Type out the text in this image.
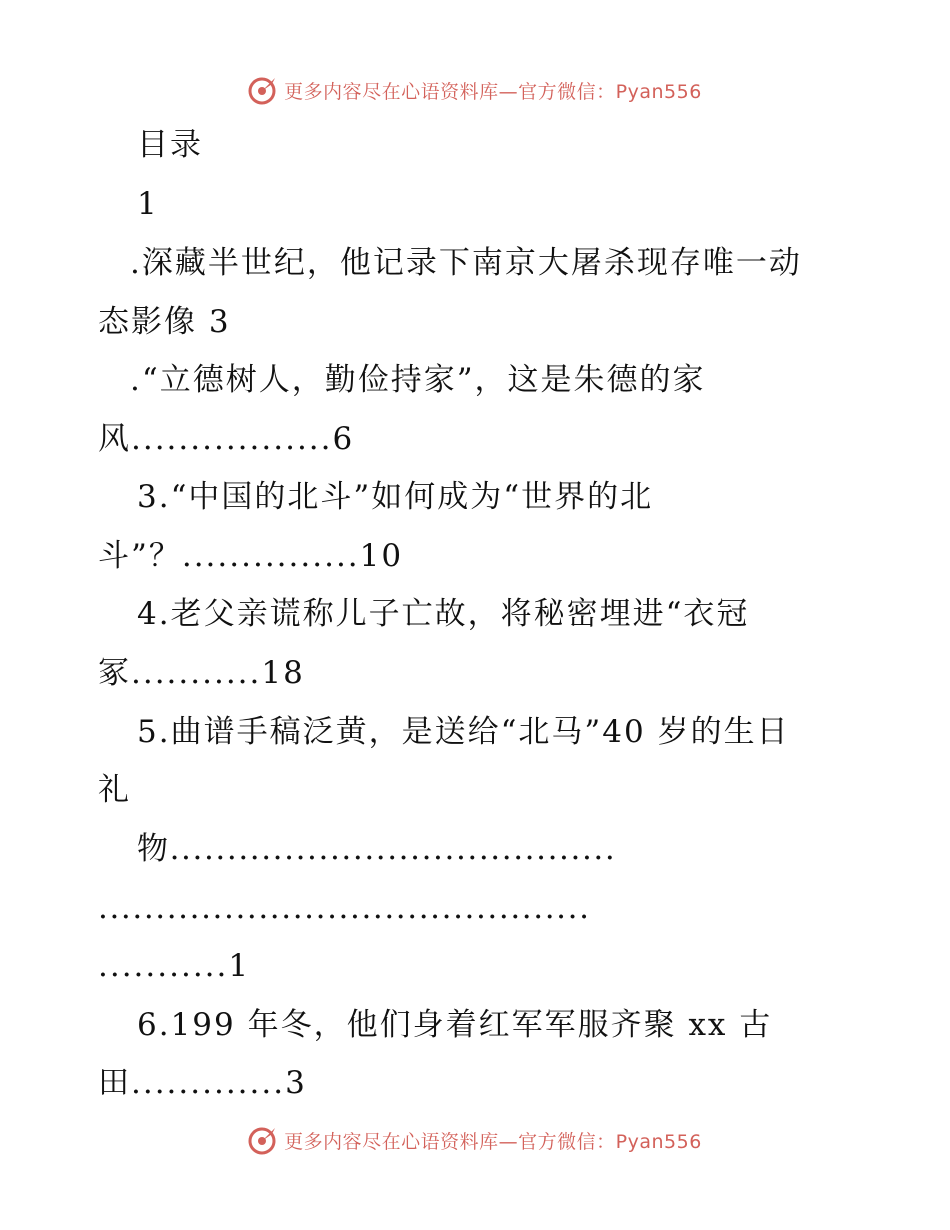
更多内容尽在心语资料库—官方微信：Pyan556
目录
1
.深藏半世纪，他记录下南京大屠杀现存唯一动
态影像 3
.“立德树人，勤俭持家”，这是朱德的家
风.................6
3.“中国的北斗”如何成为“世界的北
斗”？...............10
4.老父亲谎称儿子亡故，将秘密埋进“衣冠
冢...........18
5.曲谱手稿泛黄，是送给“北马”40 岁的生日
礼
物.......................................
...........................................
...........1
6.199 年冬，他们身着红军军服齐聚 xx 古
田.............3
更多内容尽在心语资料库—官方微信：Pyan556
